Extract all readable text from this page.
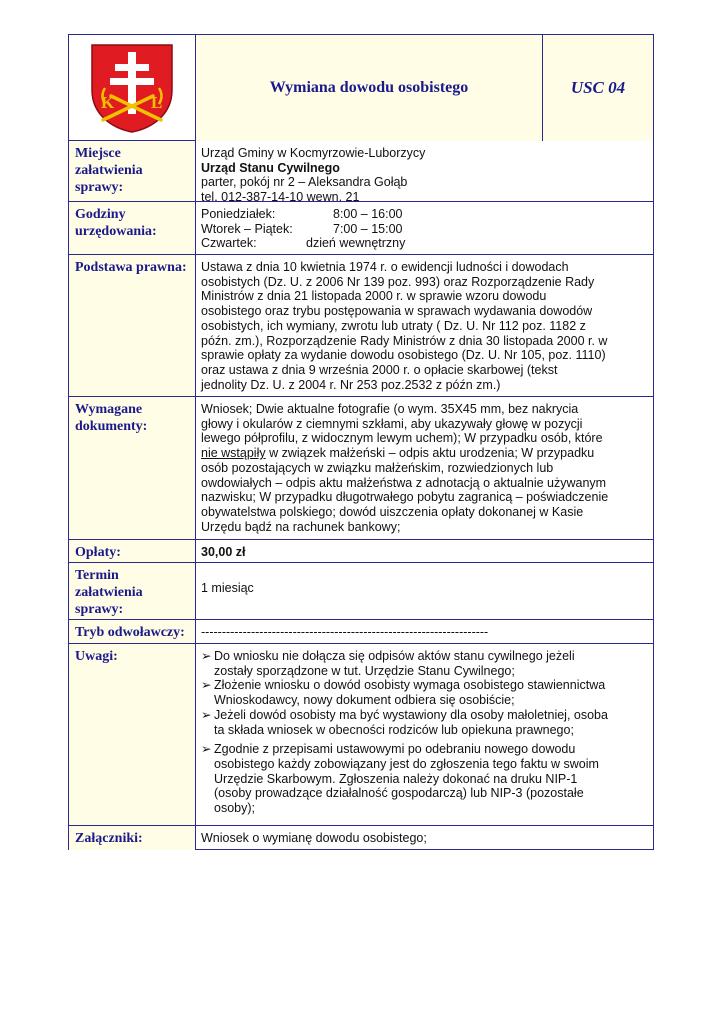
K L
Wymiana dowodu osobistego	USC 04
Miejsce załatwienia sprawy:
Urząd Gminy w Kocmyrzowie-Luborzycy
Urząd Stanu Cywilnego
parter, pokój nr 2 – Aleksandra Gołąb
tel. 012-387-14-10 wewn. 21
Godziny urzędowania:
Poniedziałek:	8:00 – 16:00
Wtorek – Piątek:	7:00 – 15:00
Czwartek:	dzień wewnętrzny
Podstawa prawna:	Ustawa z dnia 10 kwietnia 1974 r. o ewidencji ludności i dowodach
osobistych (Dz. U. z 2006 Nr 139 poz. 993) oraz Rozporządzenie Rady
Ministrów z dnia 21 listopada 2000 r. w sprawie wzoru dowodu
osobistego oraz trybu postępowania w sprawach wydawania dowodów
osobistych, ich wymiany, zwrotu lub utraty ( Dz. U. Nr 112 poz. 1182 z
późn. zm.), Rozporządzenie Rady Ministrów z dnia 30 listopada 2000 r. w
sprawie opłaty za wydanie dowodu osobistego (Dz. U. Nr 105, poz. 1110)
oraz ustawa z dnia 9 września 2000 r. o opłacie skarbowej (tekst
jednolity Dz. U. z 2004 r. Nr 253 poz.2532 z późn zm.)
Wymagane dokumenty:
Wniosek; Dwie aktualne fotografie (o wym. 35X45 mm, bez nakrycia
głowy i okularów z ciemnymi szkłami, aby ukazywały głowę w pozycji
lewego półprofilu, z widocznym lewym uchem); W przypadku osób, które
nie wstąpiły w związek małżeński – odpis aktu urodzenia; W przypadku
osób pozostających w związku małżeńskim, rozwiedzionych lub
owdowiałych – odpis aktu małżeństwa z adnotacją o aktualnie używanym
nazwisku; W przypadku długotrwałego pobytu zagranicą – poświadczenie
obywatelstwa polskiego; dowód uiszczenia opłaty dokonanej w Kasie
Urzędu bądź na rachunek bankowy;
Opłaty:	30,00 zł
Termin załatwienia sprawy:
1 miesiąc
Tryb odwoławczy:	---------------------------------------------------------------------
Uwagi:	➢ Do wniosku nie dołącza się odpisów aktów stanu cywilnego jeżeli
zostały sporządzone w tut. Urzędzie Stanu Cywilnego;
➢ Złożenie wniosku o dowód osobisty wymaga osobistego stawiennictwa
Wnioskodawcy, nowy dokument odbiera się osobiście;
➢ Jeżeli dowód osobisty ma być wystawiony dla osoby małoletniej, osoba
ta składa wniosek w obecności rodziców lub opiekuna prawnego;
➢ Zgodnie z przepisami ustawowymi po odebraniu nowego dowodu
osobistego każdy zobowiązany jest do zgłoszenia tego faktu w swoim
Urzędzie Skarbowym. Zgłoszenia należy dokonać na druku NIP-1
(osoby prowadzące działalność gospodarczą) lub NIP-3 (pozostałe
osoby);
Załączniki:	Wniosek o wymianę dowodu osobistego;
